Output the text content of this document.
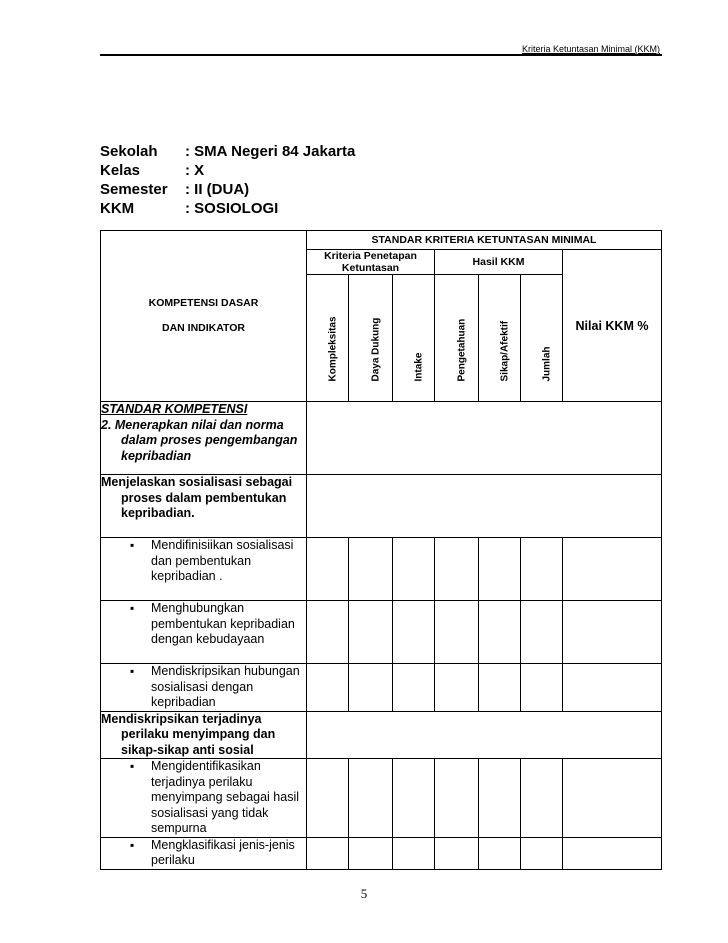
Kriteria Ketuntasan Minimal (KKM)
Sekolah	: SMA Negeri 84 Jakarta
Kelas	: X
Semester	: II (DUA)
KKM	: SOSIOLOGI
KOMPETENSI DASAR
DAN INDIKATOR	STANDAR KRITERIA KETUNTASAN MINIMAL						
	Kriteria Penetapan Ketuntasan			Hasil KKM			Nilai KKM %

	Kompleksitas	Daya Dukung	Intake	Pengetahuan	Sikap/Afektif	Jumlah	

STANDAR KOMPETENSI
2. Menerapkan nilai dan norma dalam proses pengembangan kepribadian							

Menjelaskan sosialisasi sebagai proses dalam pembentukan kepribadian.							

▪ Mendifinisiikan sosialisasi dan pembentukan kepribadian .							

▪ Menghubungkan pembentukan kepribadian dengan kebudayaan							

▪ Mendiskripsikan hubungan sosialisasi dengan kepribadian							

Mendiskripsikan terjadinya perilaku menyimpang dan sikap-sikap anti sosial							

▪ Mengidentifikasikan terjadinya perilaku menyimpang sebagai hasil sosialisasi yang tidak sempurna							

▪ Mengklasifikasi jenis-jenis perilaku							
5
